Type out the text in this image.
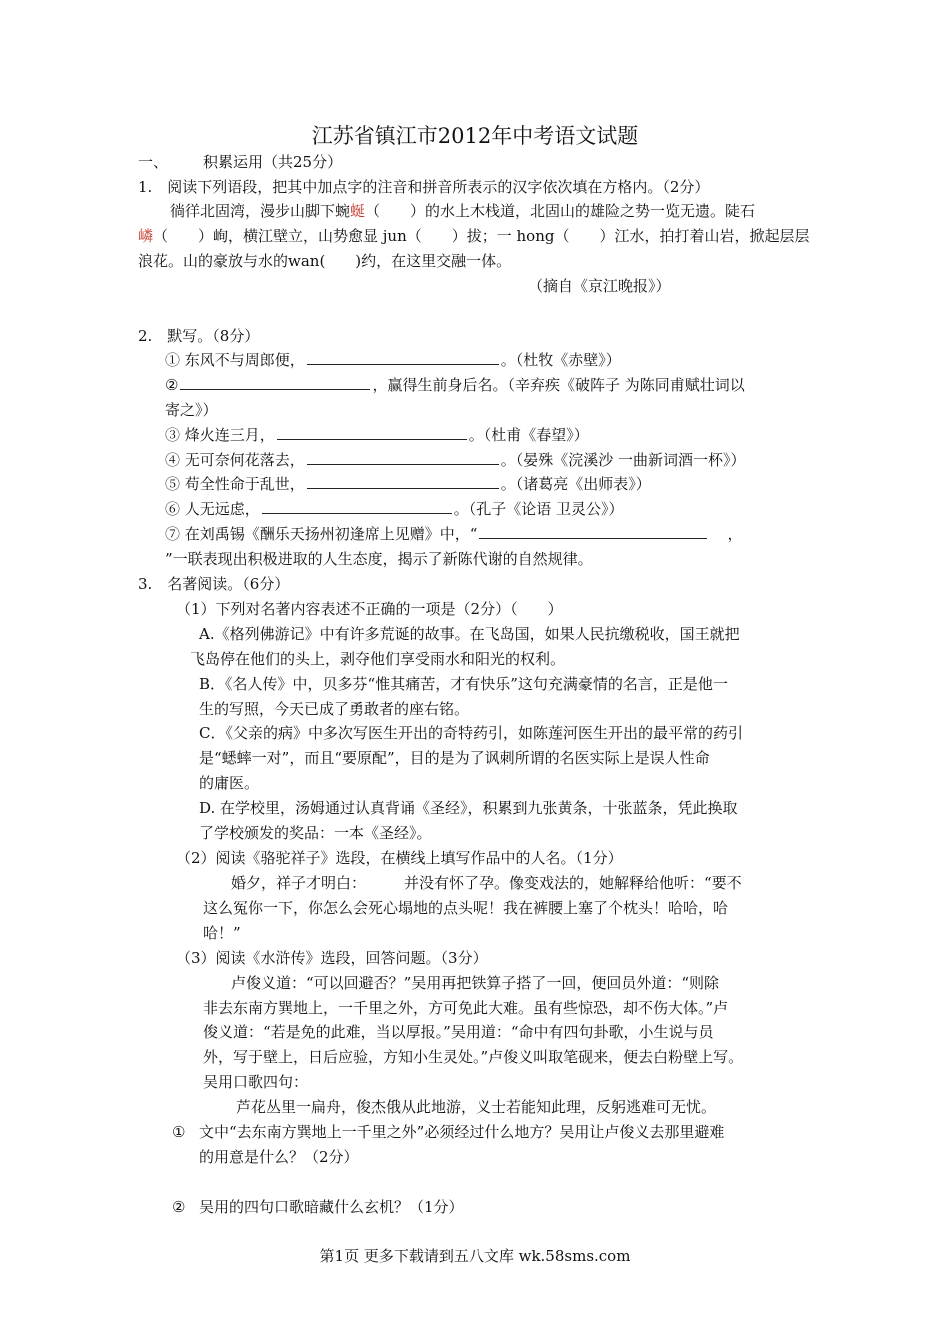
江苏省镇江市2012年中考语文试题
一、 积累运用（共25分）
1.　阅读下列语段，把其中加点字的注音和拼音所表示的汉字依次填在方格内。（2分）
徜徉北固湾，漫步山脚下蜿蜒（　　）的水上木栈道，北固山的雄险之势一览无遗。陡石
嶙（　　）峋，横江壁立，山势愈显 jun（　　）拔；一 hong（　　）江水，拍打着山岩，掀起层层
浪花。山的豪放与水的wan(　　)约，在这里交融一体。
（摘自《京江晚报》）
2.　默写。（8分）
① 东风不与周郎便，	。（杜牧《赤壁》）
②	，赢得生前身后名。（辛弃疾《破阵子 为陈同甫赋壮词以
寄之》）
③ 烽火连三月，	。（杜甫《春望》）
④ 无可奈何花落去，	。（晏殊《浣溪沙 一曲新词酒一杯》）
⑤ 苟全性命于乱世，	。（诸葛亮《出师表》）
⑥ 人无远虑，	。（孔子《论语 卫灵公》）
⑦ 在刘禹锡《酬乐天扬州初逢席上见赠》中，“	，
”一联表现出积极进取的人生态度，揭示了新陈代谢的自然规律。
3.　名著阅读。（6分）
（1）下列对名著内容表述不正确的一项是（2分）（　　）
A.《格列佛游记》中有许多荒诞的故事。在飞岛国，如果人民抗缴税收，国王就把
飞岛停在他们的头上，剥夺他们享受雨水和阳光的权利。
B．《名人传》中，贝多芬“惟其痛苦，才有快乐”这句充满豪情的名言，正是他一
生的写照，今天已成了勇敢者的座右铭。
C．《父亲的病》中多次写医生开出的奇特药引，如陈莲河医生开出的最平常的药引
是“蟋蟀一对”，而且“要原配”，目的是为了讽刺所谓的名医实际上是误人性命
的庸医。
D. 在学校里，汤姆通过认真背诵《圣经》，积累到九张黄条，十张蓝条，凭此换取
了学校颁发的奖品：一本《圣经》。
（2）阅读《骆驼祥子》选段，在横线上填写作品中的人名。（1分）
婚夕，祥子才明白：	并没有怀了孕。像变戏法的，她解释给他听：“要不
这么冤你一下，你怎么会死心塌地的点头呢！我在裤腰上塞了个枕头！哈哈，哈
哈！”
（3）阅读《水浒传》选段，回答问题。（3分）
卢俊义道：“可以回避否？”吴用再把铁算子搭了一回，便回员外道：“则除
非去东南方巽地上，一千里之外，方可免此大难。虽有些惊恐，却不伤大体。”卢
俊义道：“若是免的此难，当以厚报。”吴用道：“命中有四句卦歌，小生说与员
外，写于壁上，日后应验，方知小生灵处。”卢俊义叫取笔砚来，便去白粉壁上写。
吴用口歌四句：
芦花丛里一扁舟，俊杰俄从此地游，义士若能知此理，反躬逃难可无忧。
① 文中“去东南方巽地上一千里之外”必须经过什么地方？吴用让卢俊义去那里避难
的用意是什么？（2分）
② 吴用的四句口歌暗藏什么玄机？（1分）
第1页 更多下载请到五八文库 wk.58sms.com
